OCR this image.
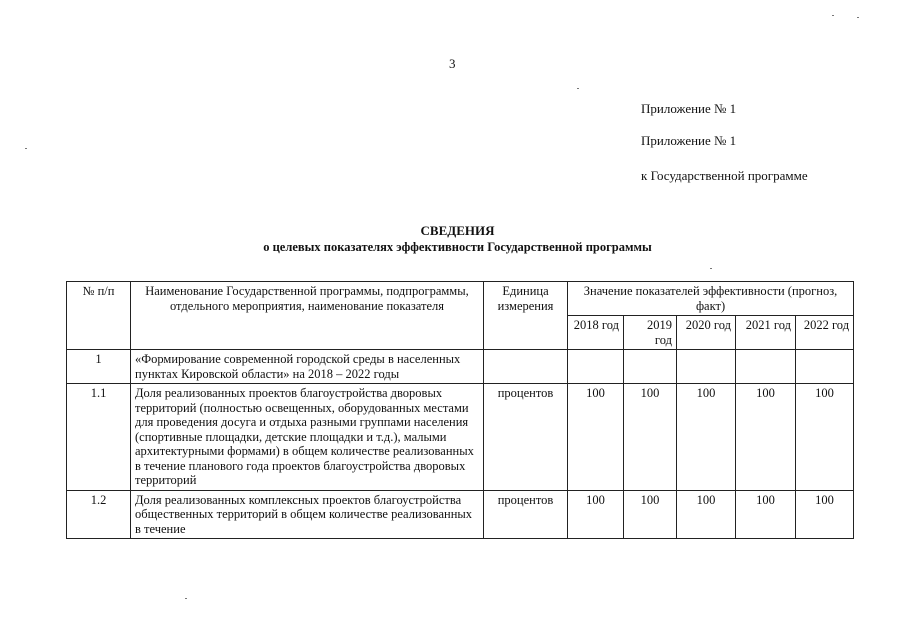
3
Приложение № 1
Приложение № 1
к Государственной программе
СВЕДЕНИЯ
о целевых показателях эффективности Государственной программы
№ п/п	Наименование Государственной программы, подпрограммы, отдельного мероприятия, наименование показателя	Единица измерения	Значение показателей эффективности (прогноз, факт)				
			2018 год	2019 год	2020 год	2021 год	2022 год
1	«Формирование современной городской среды в населенных пунктах Кировской области» на 2018 – 2022 годы						
1.1	Доля реализованных проектов благоустройства дворовых территорий (полностью освещенных, оборудованных местами для проведения досуга и отдыха разными группами населения (спортивные площадки, детские площадки и т.д.), малыми архитектурными формами) в общем количестве реализованных в течение планового года проектов благоустройства дворовых территорий	процентов	100	100	100	100	100
1.2	Доля реализованных комплексных проектов благоустройства общественных территорий в общем количестве реализованных в течение	процентов	100	100	100	100	100
